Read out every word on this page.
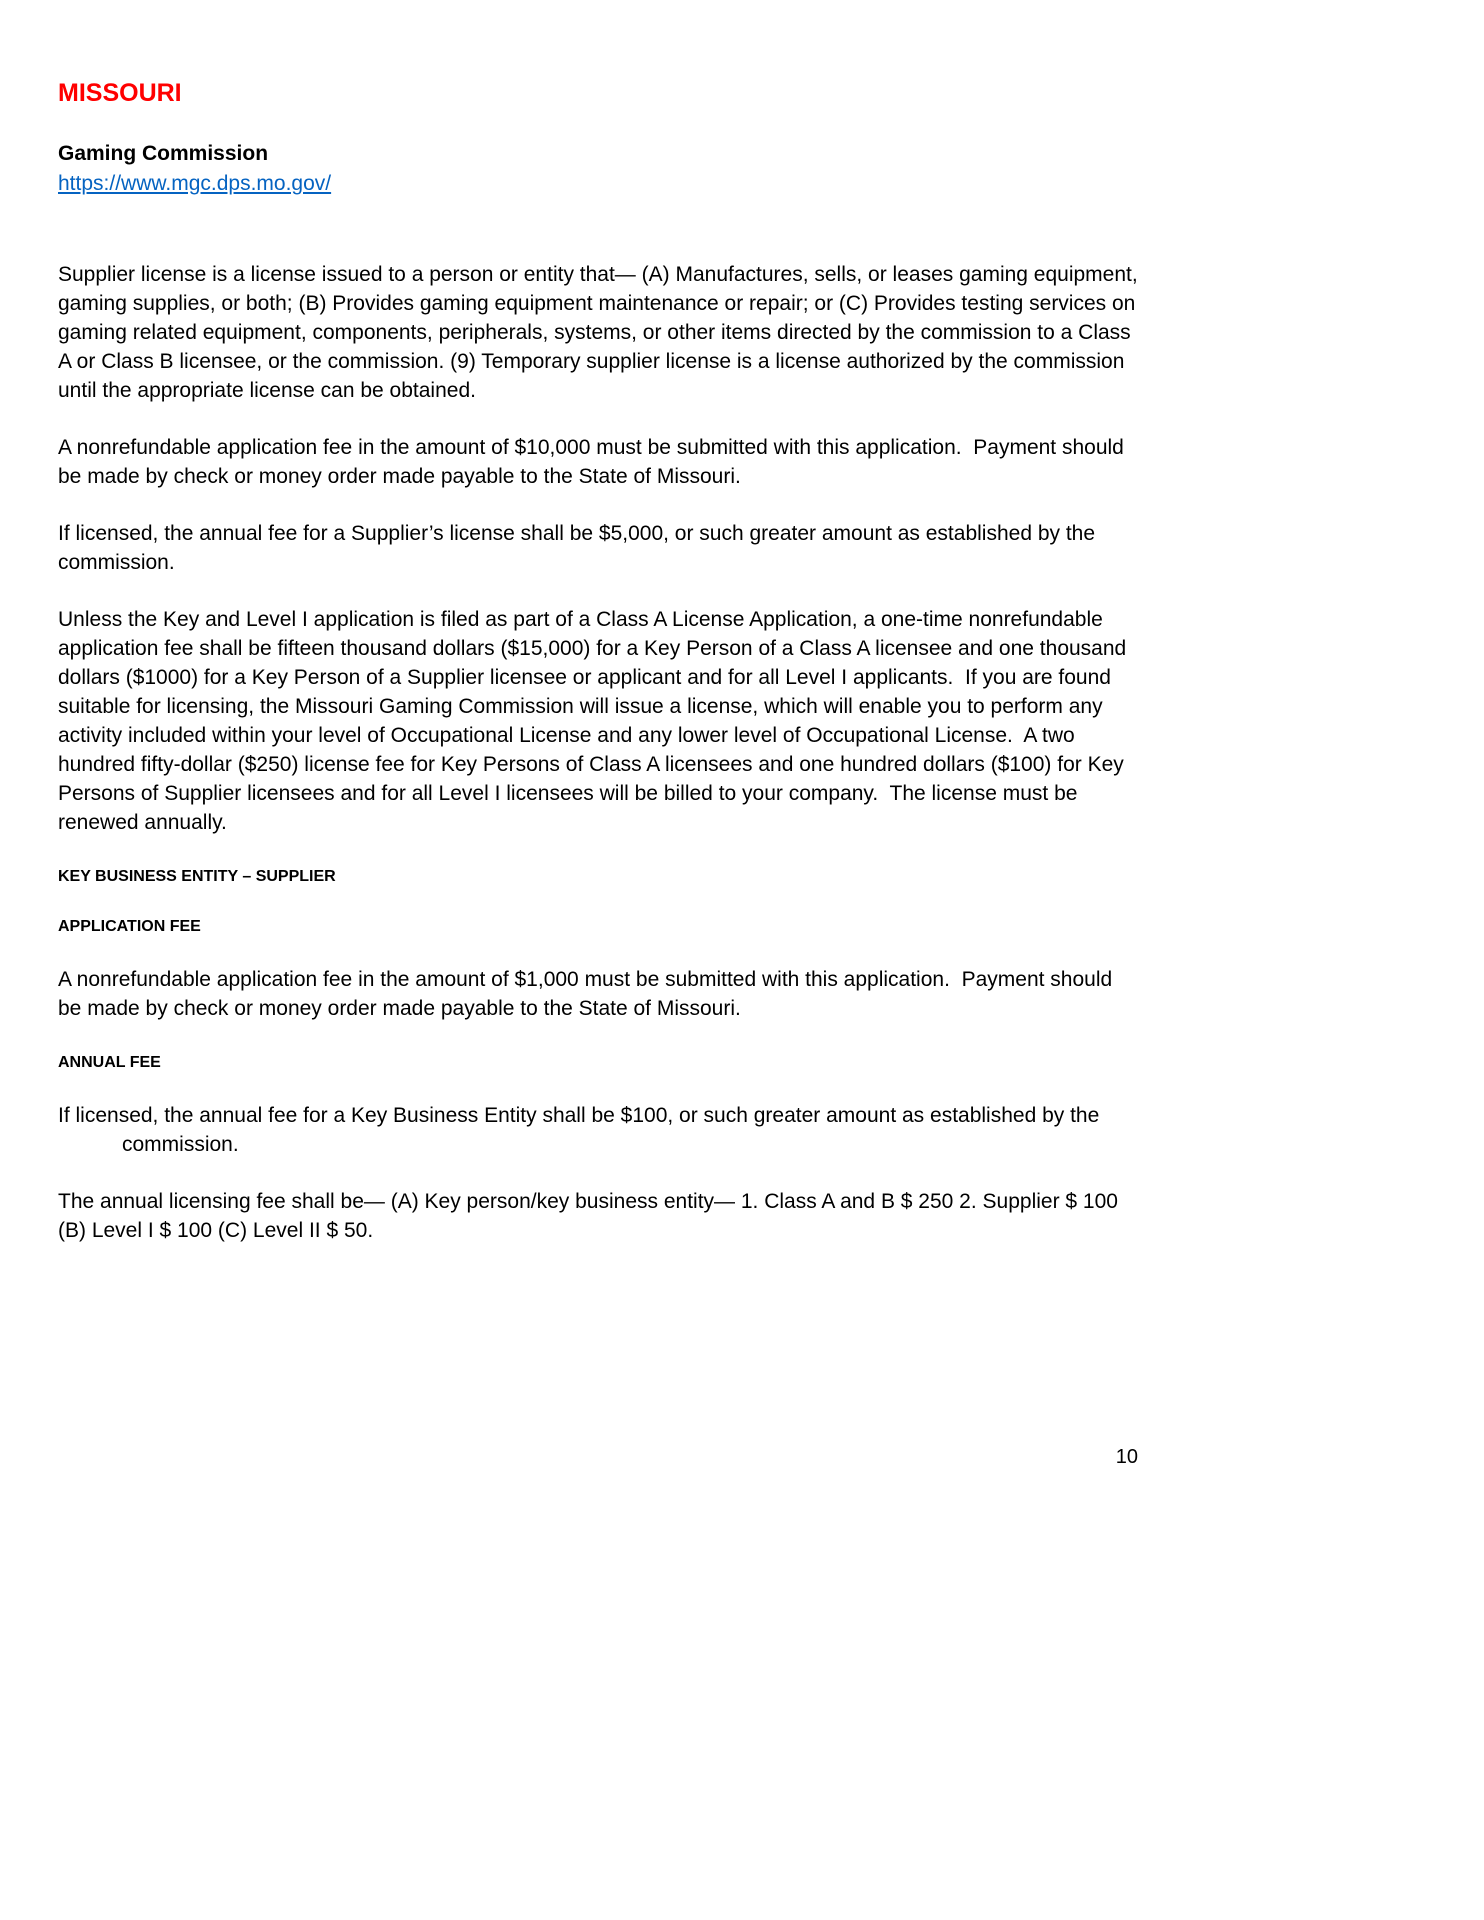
MISSOURI
Gaming Commission
https://www.mgc.dps.mo.gov/

Supplier license is a license issued to a person or entity that— (A) Manufactures, sells, or leases gaming equipment, gaming supplies, or both; (B) Provides gaming equipment maintenance or repair; or (C) Provides testing services on gaming related equipment, components, peripherals, systems, or other items directed by the commission to a Class A or Class B licensee, or the commission. (9) Temporary supplier license is a license authorized by the commission until the appropriate license can be obtained.

A nonrefundable application fee in the amount of $10,000 must be submitted with this application.  Payment should be made by check or money order made payable to the State of Missouri.

If licensed, the annual fee for a Supplier’s license shall be $5,000, or such greater amount as established by the commission.

Unless the Key and Level I application is filed as part of a Class A License Application, a one-time nonrefundable application fee shall be fifteen thousand dollars ($15,000) for a Key Person of a Class A licensee and one thousand dollars ($1000) for a Key Person of a Supplier licensee or applicant and for all Level I applicants.  If you are found suitable for licensing, the Missouri Gaming Commission will issue a license, which will enable you to perform any activity included within your level of Occupational License and any lower level of Occupational License.  A two hundred fifty-dollar ($250) license fee for Key Persons of Class A licensees and one hundred dollars ($100) for Key Persons of Supplier licensees and for all Level I licensees will be billed to your company.  The license must be renewed annually.

KEY BUSINESS ENTITY – SUPPLIER
APPLICATION FEE

A nonrefundable application fee in the amount of $1,000 must be submitted with this application.  Payment should be made by check or money order made payable to the State of Missouri.

ANNUAL FEE

If licensed, the annual fee for a Key Business Entity shall be $100, or such greater amount as established by the
commission.

The annual licensing fee shall be— (A) Key person/key business entity— 1. Class A and B $ 250 2. Supplier $ 100 (B) Level I $ 100 (C) Level II $ 50.

10
